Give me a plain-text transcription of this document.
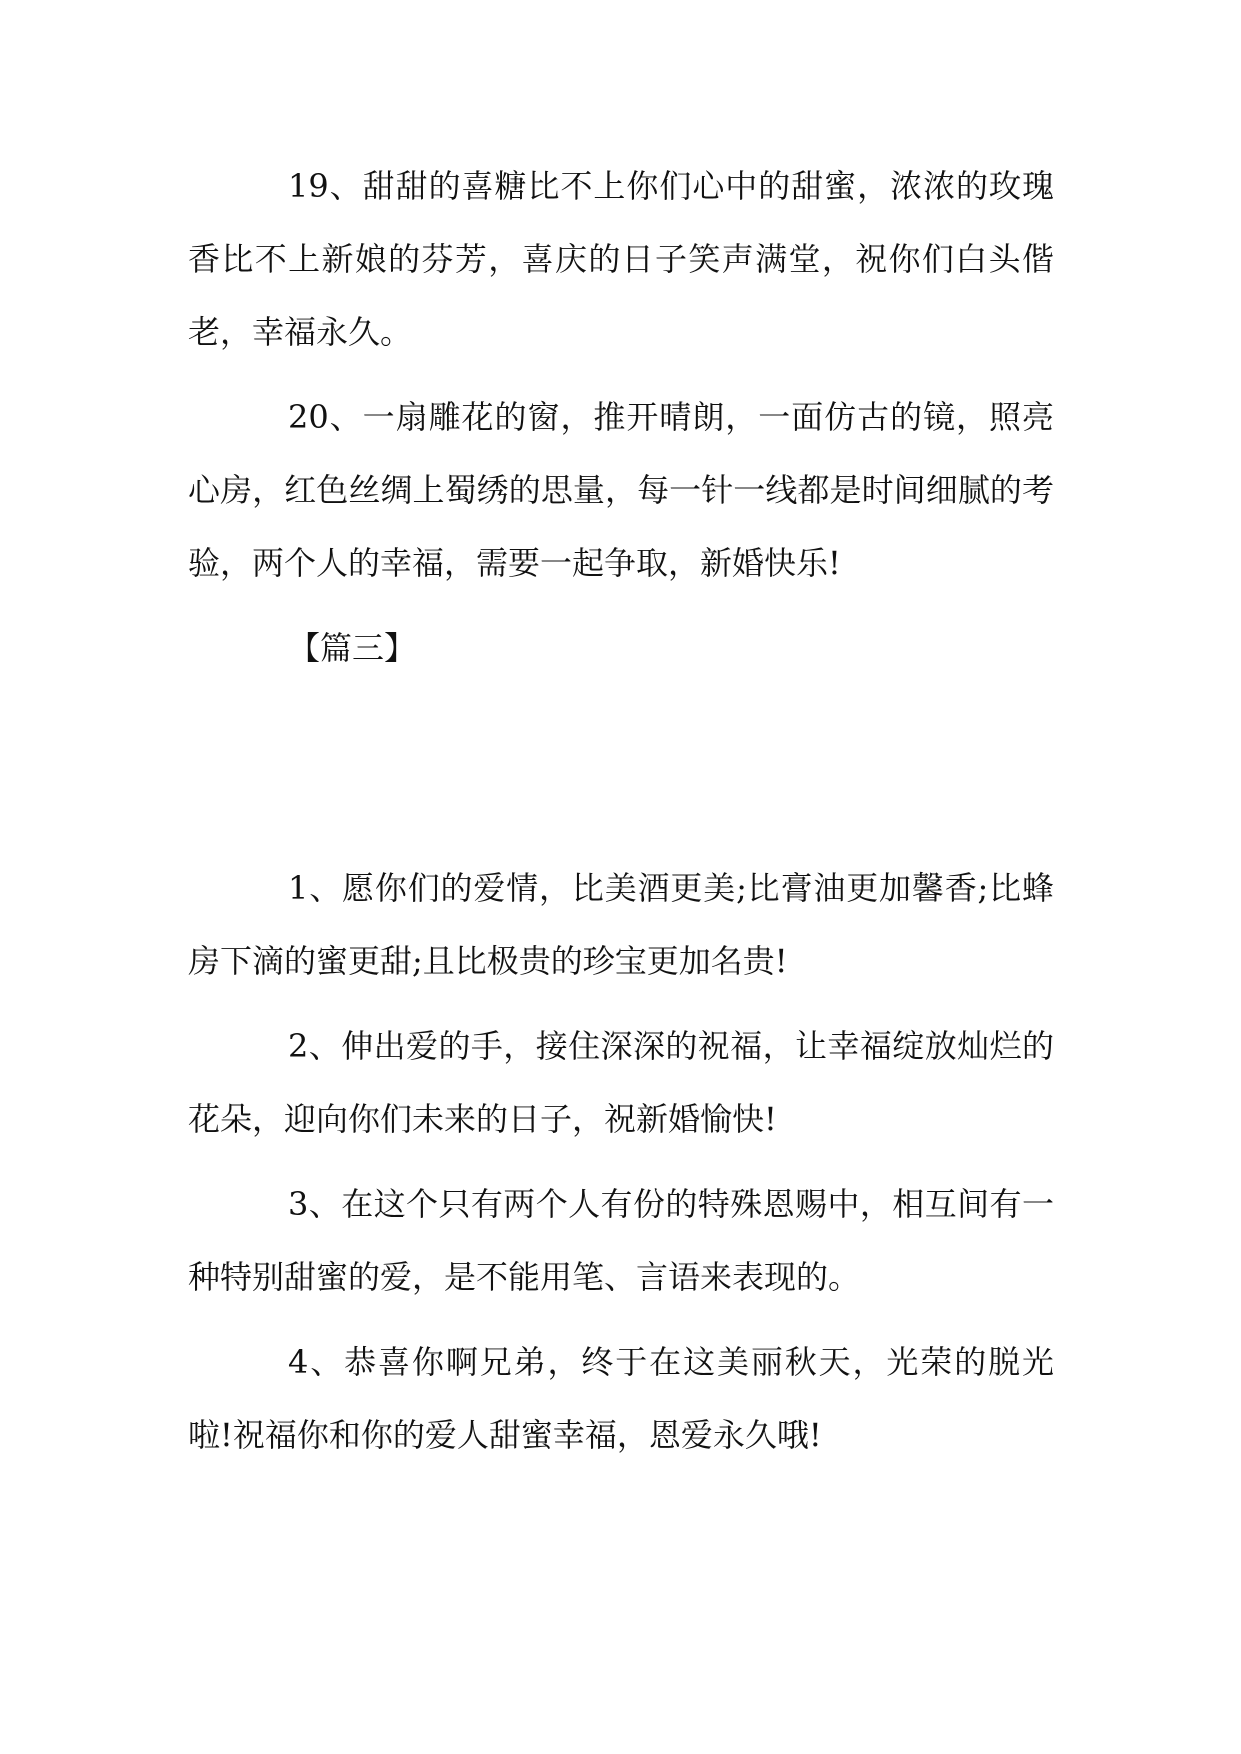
19、甜甜的喜糖比不上你们心中的甜蜜，浓浓的玫瑰香比不上新娘的芬芳，喜庆的日子笑声满堂，祝你们白头偕老，幸福永久。

20、一扇雕花的窗，推开晴朗，一面仿古的镜，照亮心房，红色丝绸上蜀绣的思量，每一针一线都是时间细腻的考验，两个人的幸福，需要一起争取，新婚快乐!

【篇三】

1、愿你们的爱情，比美酒更美;比膏油更加馨香;比蜂房下滴的蜜更甜;且比极贵的珍宝更加名贵!

2、伸出爱的手，接住深深的祝福，让幸福绽放灿烂的花朵，迎向你们未来的日子，祝新婚愉快!

3、在这个只有两个人有份的特殊恩赐中，相互间有一种特别甜蜜的爱，是不能用笔、言语来表现的。

4、恭喜你啊兄弟，终于在这美丽秋天，光荣的脱光啦!祝福你和你的爱人甜蜜幸福，恩爱永久哦!
